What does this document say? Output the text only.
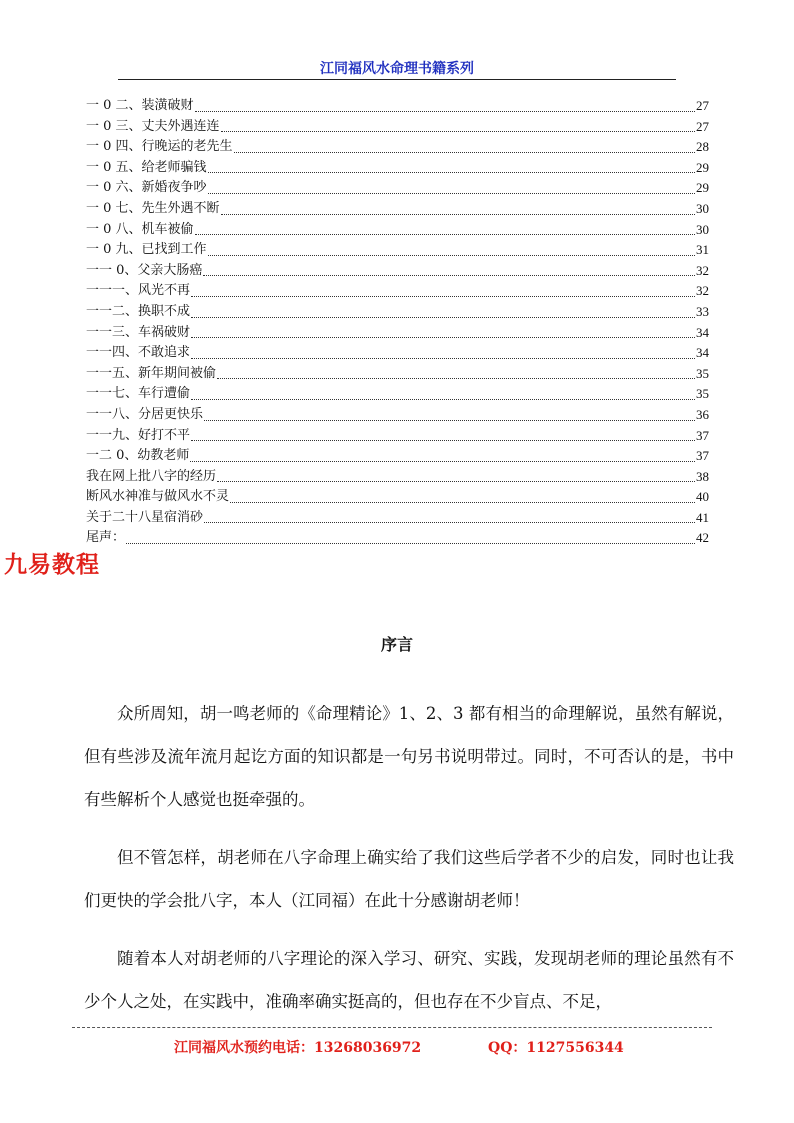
江同福风水命理书籍系列
一 0 二、装潢破财	27
一 0 三、丈夫外遇连连	27
一 0 四、行晚运的老先生	28
一 0 五、给老师骗钱	29
一 0 六、新婚夜争吵	29
一 0 七、先生外遇不断	30
一 0 八、机车被偷	30
一 0 九、已找到工作	31
一一 0、父亲大肠癌	32
一一一、风光不再	32
一一二、换职不成	33
一一三、车祸破财	34
一一四、不敢追求	34
一一五、新年期间被偷	35
一一七、车行遭偷	35
一一八、分居更快乐	36
一一九、好打不平	37
一二 0、幼教老师	37
我在网上批八字的经历	38
断风水神准与做风水不灵	40
关于二十八星宿消砂	41
尾声：	42
九易教程
序言
众所周知，胡一鸣老师的《命理精论》1、2、3 都有相当的命理解说，虽然有解说，但有些涉及流年流月起讫方面的知识都是一句另书说明带过。同时，不可否认的是，书中有些解析个人感觉也挺牵强的。
但不管怎样，胡老师在八字命理上确实给了我们这些后学者不少的启发，同时也让我们更快的学会批八字，本人（江同福）在此十分感谢胡老师！
随着本人对胡老师的八字理论的深入学习、研究、实践，发现胡老师的理论虽然有不少个人之处，在实践中，准确率确实挺高的，但也存在不少盲点、不足，
江同福风水预约电话：13268036972	QQ：1127556344
